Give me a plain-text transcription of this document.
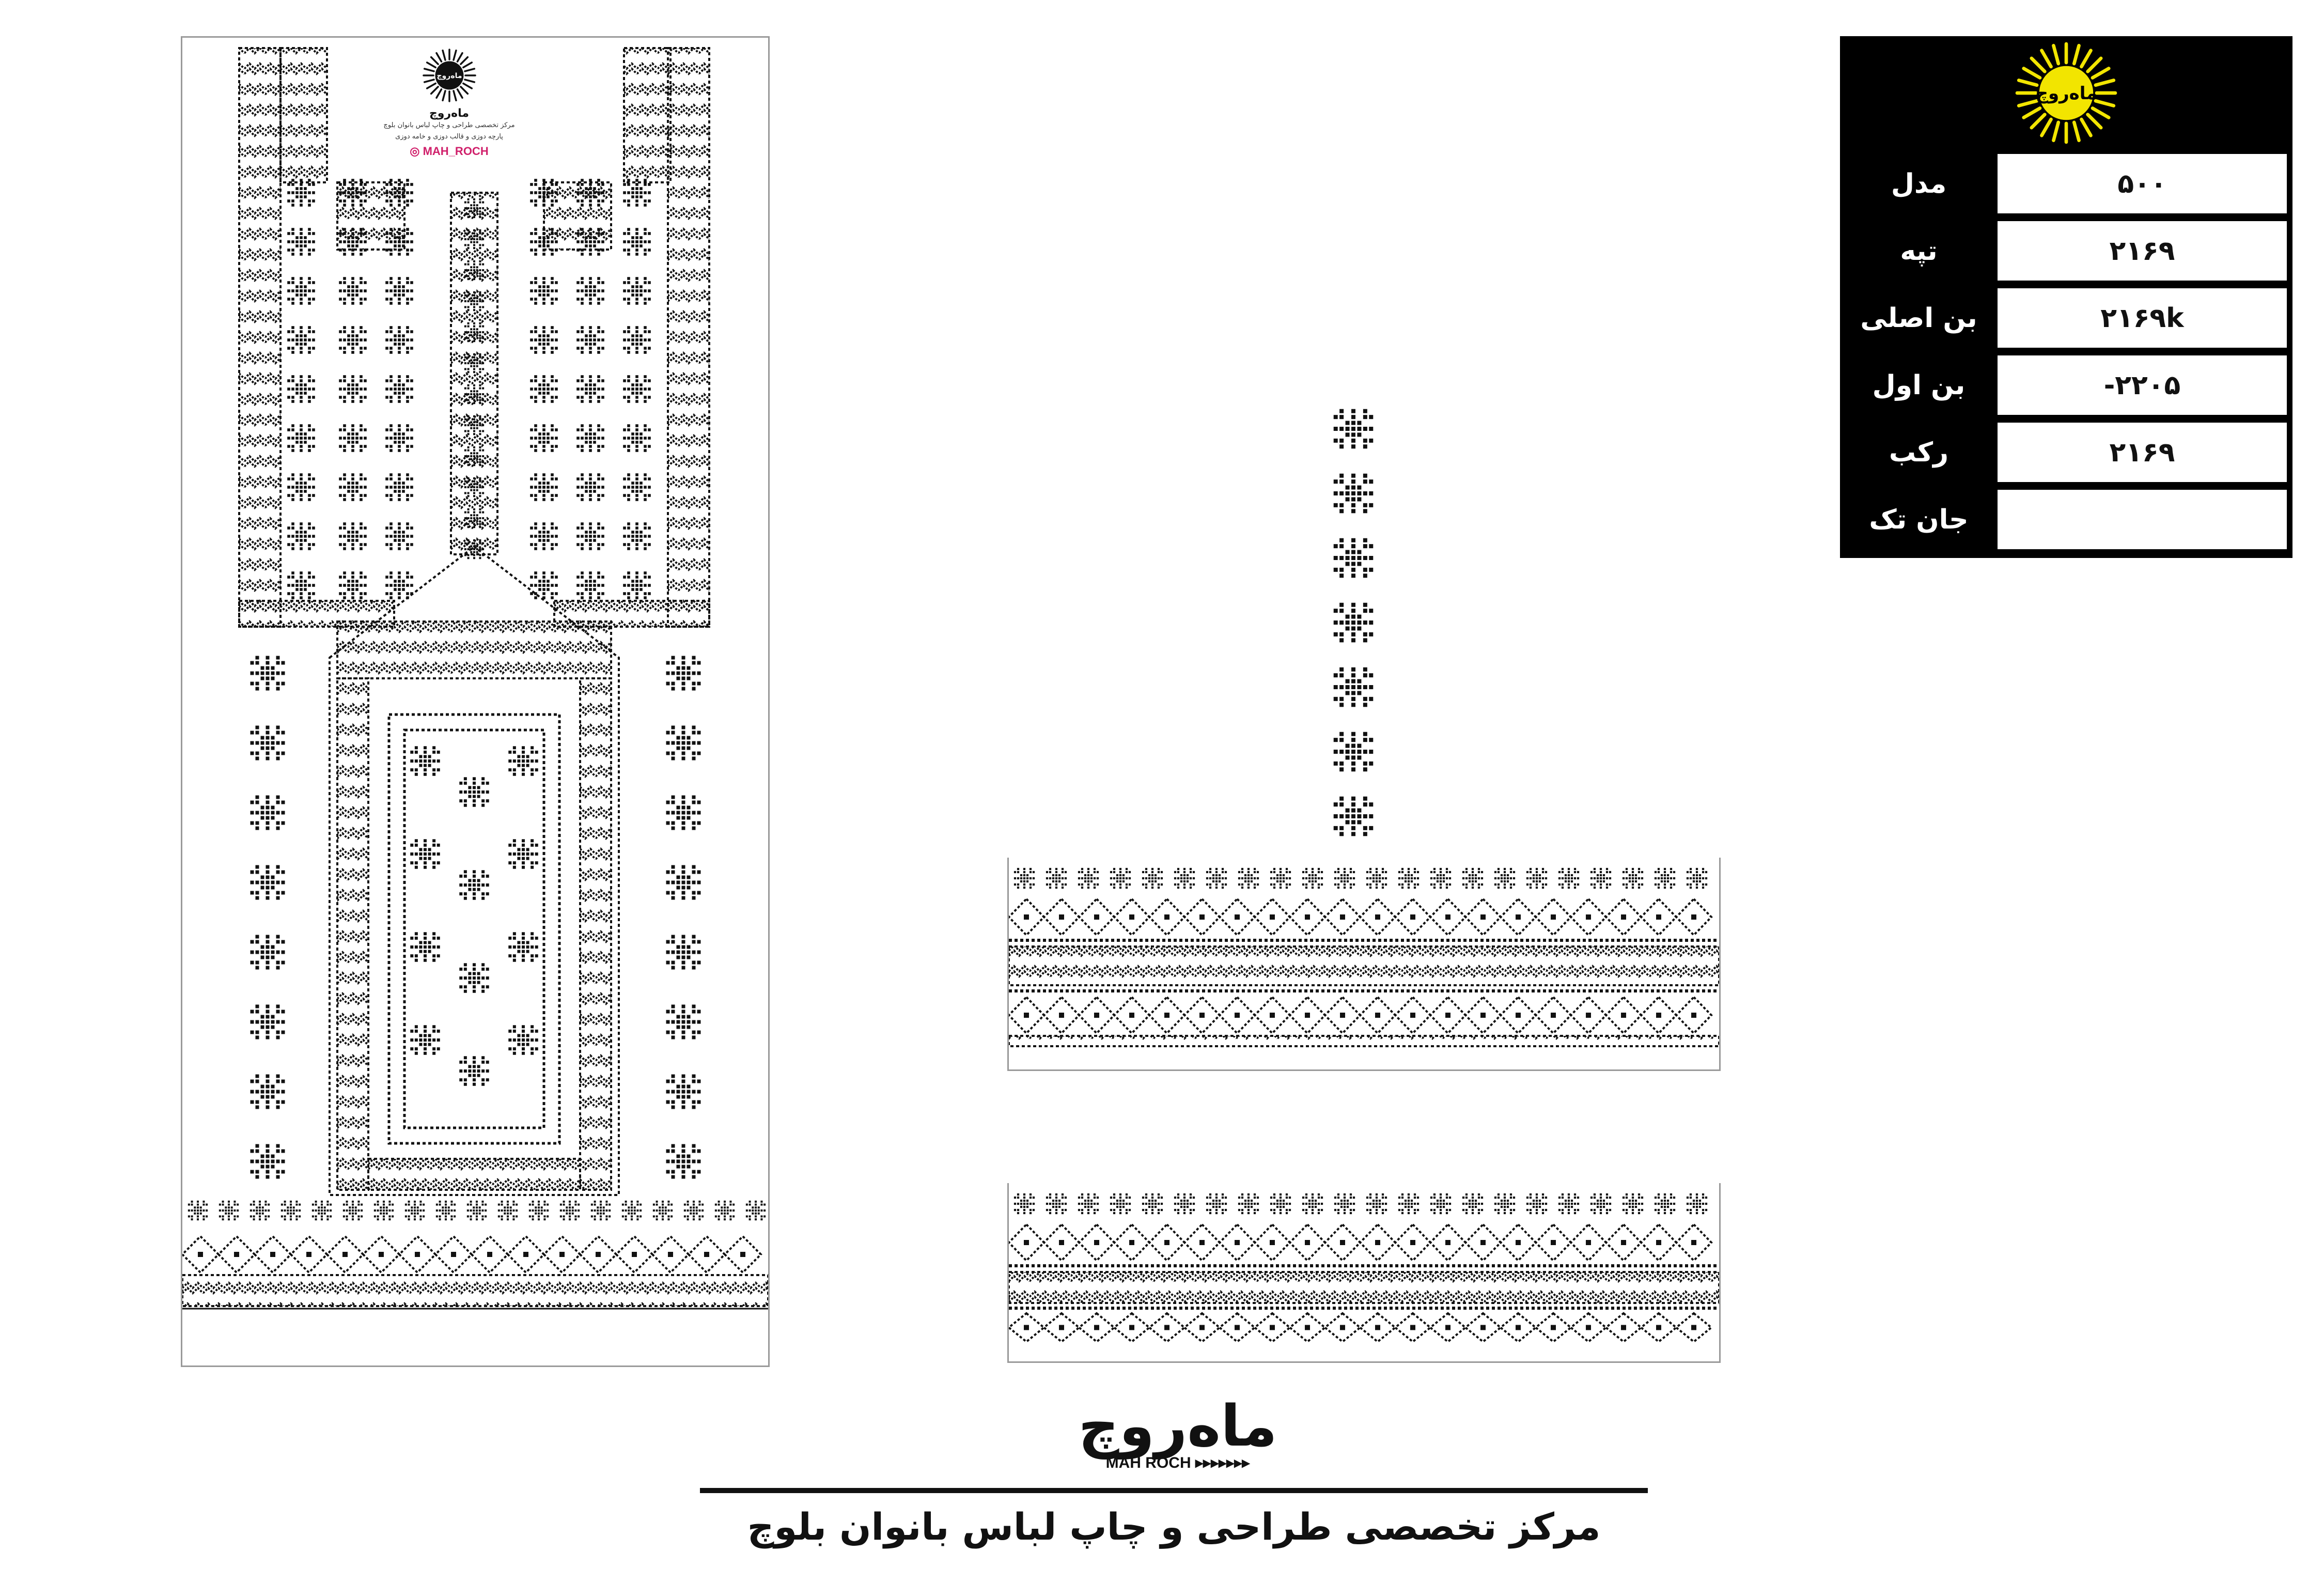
ماه‌روچ
ماه‌روچ
مرکز تخصصی طراحی و چاپ لباس بانوان بلوچ
پارچه دوزی و قالب دوزی و خامه دوزی
◎ MAH_ROCH
ماه‌روچ
مدل	۵۰۰
تپه	۲۱۶۹
بن اصلی	۲۱۶۹k
بن اول	-۲۲۰۵
رکب	۲۱۶۹
جان تک
ماه‌روچ
MAH ROCH ▸▸▸▸▸▸▸
مرکز تخصصی طراحی و چاپ لباس بانوان بلوچ
